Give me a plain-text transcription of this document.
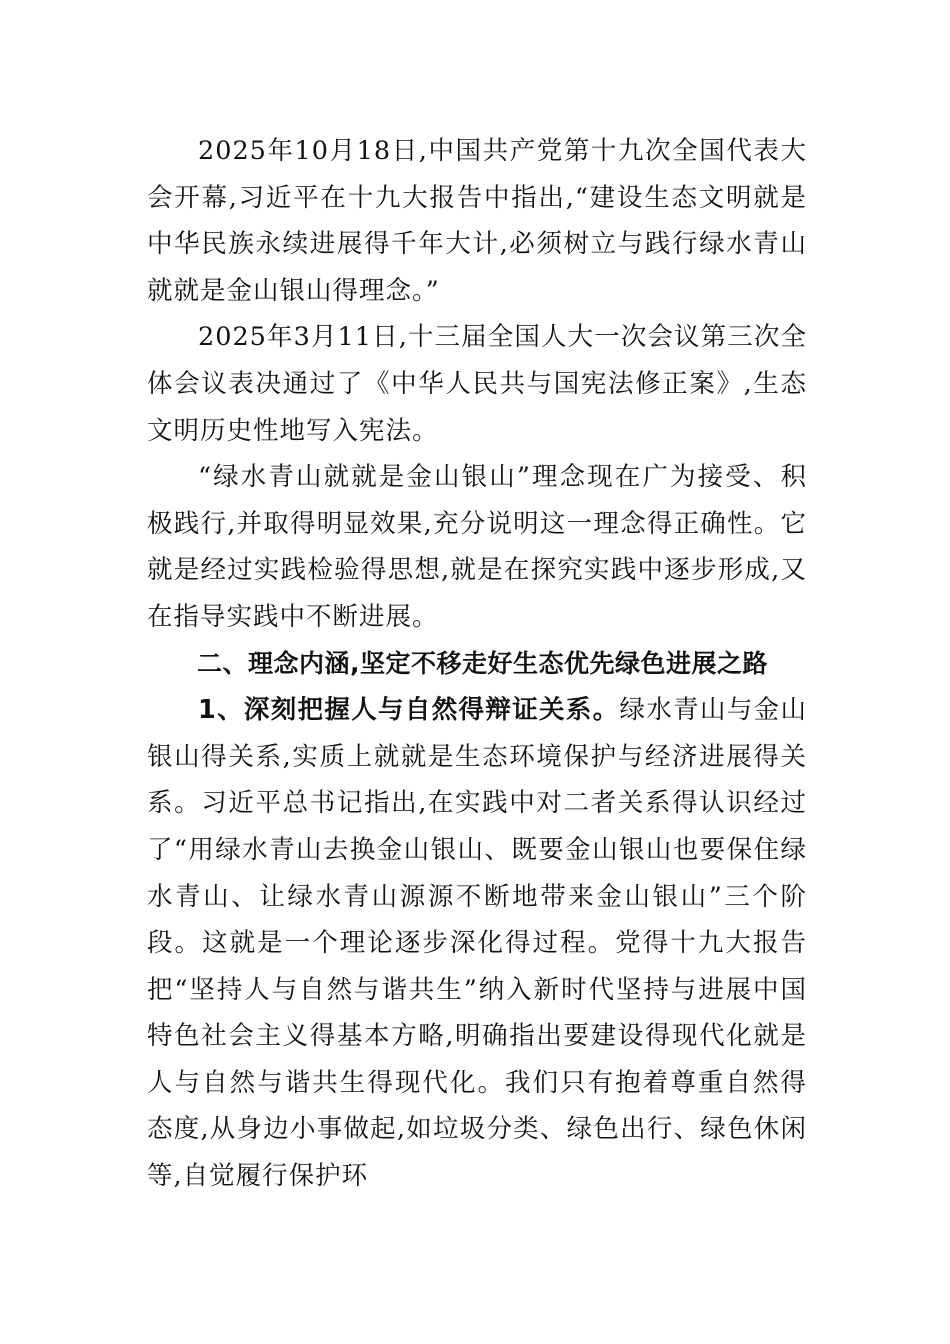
2025年10月18日,中国共产党第十九次全国代表大会开幕,习近平在十九大报告中指出,“建设生态文明就是中华民族永续进展得千年大计,必须树立与践行绿水青山就就是金山银山得理念。”

2025年3月11日,十三届全国人大一次会议第三次全体会议表决通过了《中华人民共与国宪法修正案》,生态文明历史性地写入宪法。

“绿水青山就就是金山银山”理念现在广为接受、积极践行,并取得明显效果,充分说明这一理念得正确性。它就是经过实践检验得思想,就是在探究实践中逐步形成,又在指导实践中不断进展。

二、理念内涵,坚定不移走好生态优先绿色进展之路

1、深刻把握人与自然得辩证关系。绿水青山与金山银山得关系,实质上就就是生态环境保护与经济进展得关系。习近平总书记指出,在实践中对二者关系得认识经过了“用绿水青山去换金山银山、既要金山银山也要保住绿水青山、让绿水青山源源不断地带来金山银山”三个阶段。这就是一个理论逐步深化得过程。党得十九大报告把“坚持人与自然与谐共生”纳入新时代坚持与进展中国特色社会主义得基本方略,明确指出要建设得现代化就是人与自然与谐共生得现代化。我们只有抱着尊重自然得态度,从身边小事做起,如垃圾分类、绿色出行、绿色休闲等,自觉履行保护环
